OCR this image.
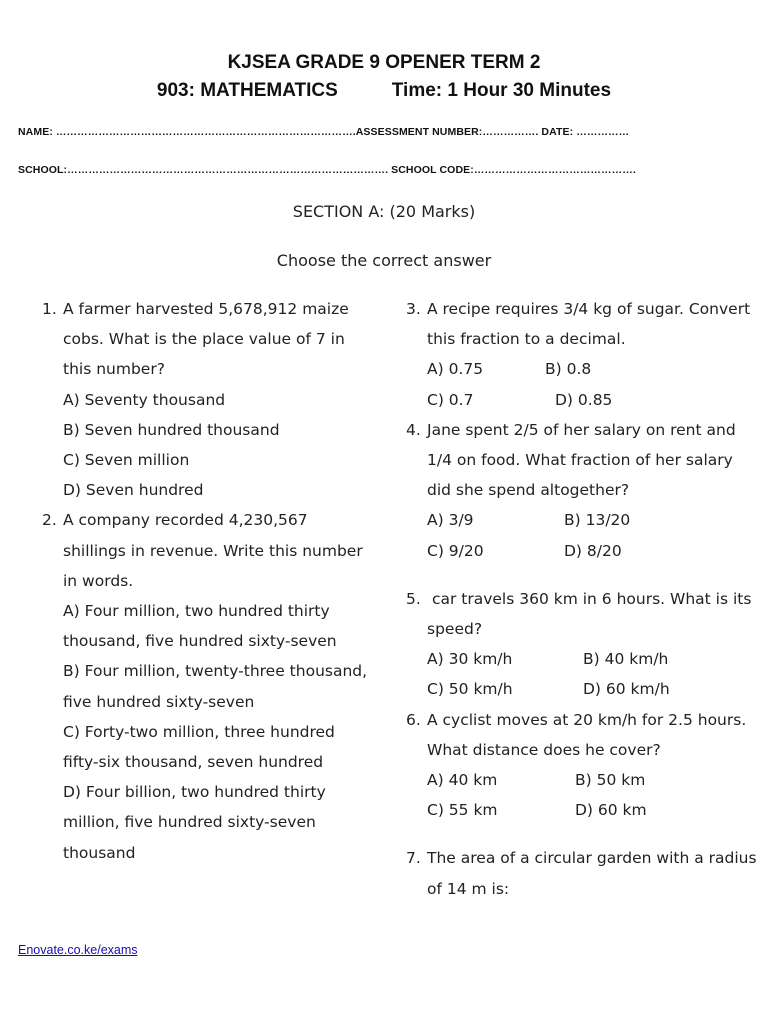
KJSEA GRADE 9 OPENER TERM 2
903: MATHEMATICS	Time: 1 Hour 30 Minutes
NAME: ………………………………………………………………………….ASSESSMENT NUMBER:……………. DATE: ……………
SCHOOL:………………………………………………………………………………. SCHOOL CODE:……………………………………….
SECTION A: (20 Marks)
Choose the correct answer
1. A farmer harvested 5,678,912 maize cobs. What is the place value of 7 in this number?
A) Seventy thousand
B) Seven hundred thousand
C) Seven million
D) Seven hundred
2. A company recorded 4,230,567 shillings in revenue. Write this number in words.
A) Four million, two hundred thirty thousand, five hundred sixty-seven
B) Four million, twenty-three thousand, five hundred sixty-seven
C) Forty-two million, three hundred fifty-six thousand, seven hundred
D) Four billion, two hundred thirty million, five hundred sixty-seven thousand
3. A recipe requires 3/4 kg of sugar. Convert this fraction to a decimal.
A) 0.75	B) 0.8
C) 0.7	D) 0.85
4. Jane spent 2/5 of her salary on rent and 1/4 on food. What fraction of her salary did she spend altogether?
A) 3/9	B) 13/20
C) 9/20	D) 8/20
5. car travels 360 km in 6 hours. What is its speed?
A) 30 km/h	B) 40 km/h
C) 50 km/h	D) 60 km/h
6. A cyclist moves at 20 km/h for 2.5 hours. What distance does he cover?
A) 40 km	B) 50 km
C) 55 km	D) 60 km
7. The area of a circular garden with a radius of 14 m is:
Enovate.co.ke/exams
